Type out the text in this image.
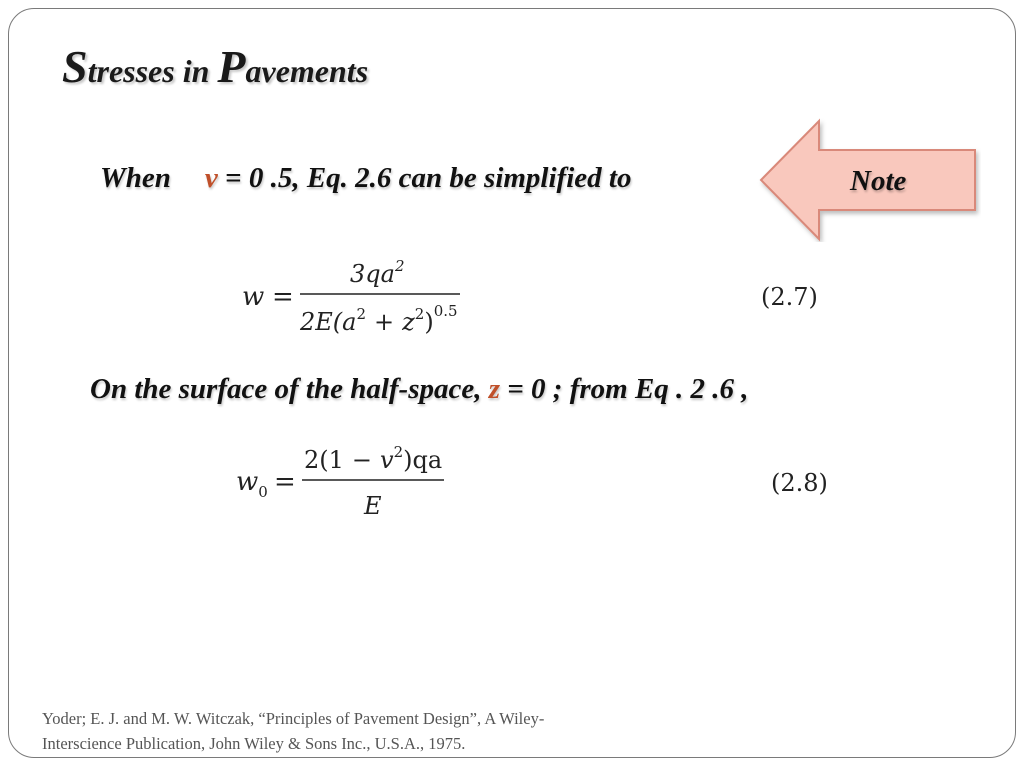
Stresses in Pavements
When v = 0 .5, Eq. 2.6 can be simplified to	Note
w =
$3qa^2$
$2E(a^2 + z^2)^{0.5}$	(2.7)
On the surface of the half-space, z = 0 ; from Eq . 2 .6 ,
$w_0$ =
$2(1 - v^2)qa$
E
(2.8)
Yoder; E. J. and M. W. Witczak, “Principles of Pavement Design”, A Wiley-Interscience Publication, John Wiley & Sons Inc., U.S.A., 1975.
